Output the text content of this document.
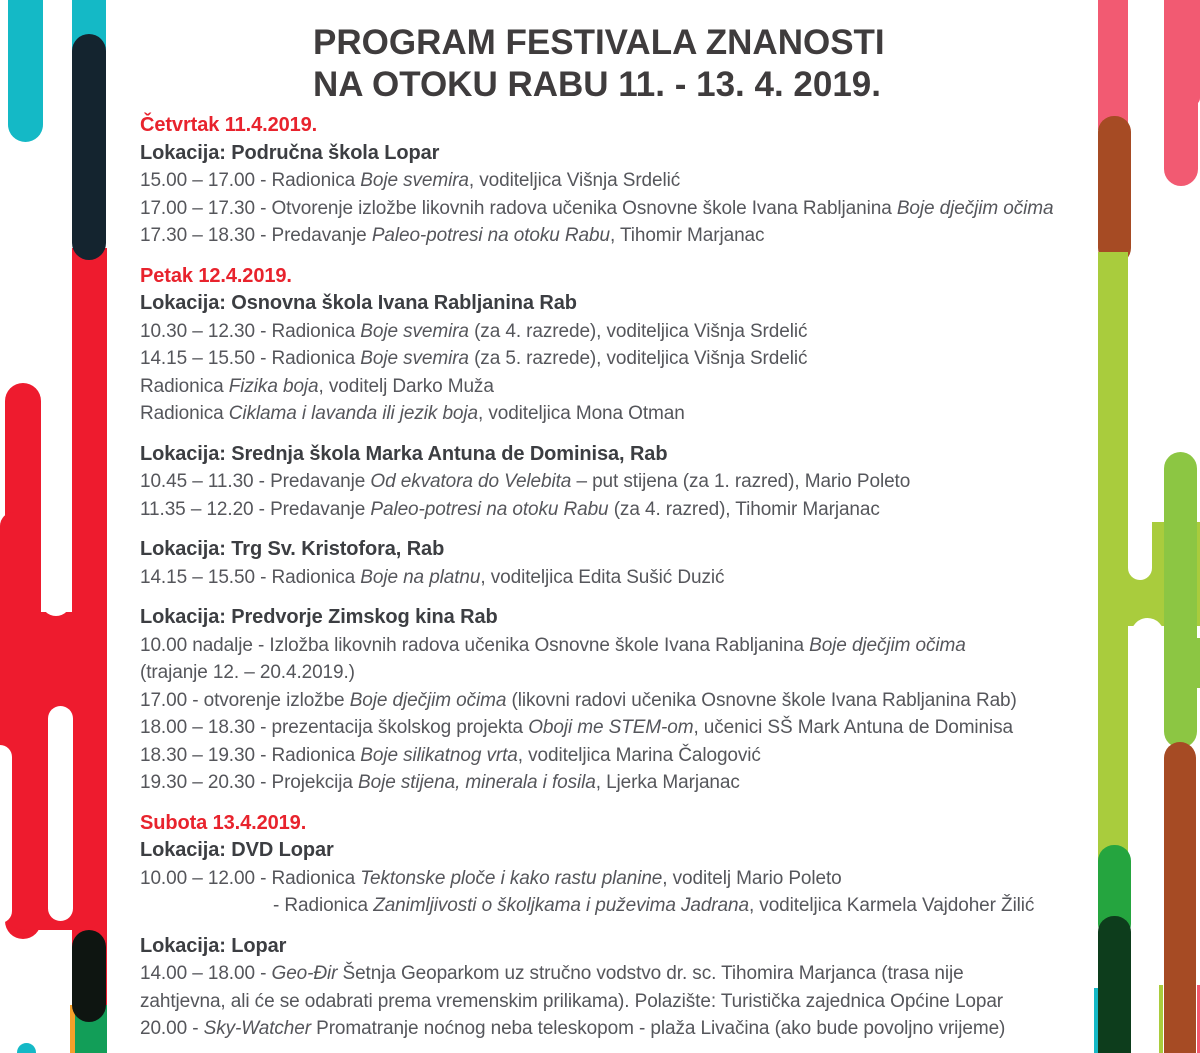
PROGRAM FESTIVALA ZNANOSTI
NA OTOKU RABU 11. - 13. 4. 2019.
Četvrtak 11.4.2019.
Lokacija: Područna škola Lopar
15.00 – 17.00 - Radionica Boje svemira, voditeljica Višnja Srdelić
17.00 – 17.30 - Otvorenje izložbe likovnih radova učenika Osnovne škole Ivana Rabljanina Boje dječjim očima
17.30 – 18.30 - Predavanje Paleo-potresi na otoku Rabu, Tihomir Marjanac
Petak 12.4.2019.
Lokacija: Osnovna škola Ivana Rabljanina Rab
10.30 – 12.30 - Radionica Boje svemira (za 4. razrede), voditeljica Višnja Srdelić
14.15 – 15.50 - Radionica Boje svemira (za 5. razrede), voditeljica Višnja Srdelić
Radionica Fizika boja, voditelj Darko Muža
Radionica Ciklama i lavanda ili jezik boja, voditeljica Mona Otman
Lokacija: Srednja škola Marka Antuna de Dominisa, Rab
10.45 – 11.30 - Predavanje Od ekvatora do Velebita – put stijena (za 1. razred), Mario Poleto
11.35 – 12.20 - Predavanje Paleo-potresi na otoku Rabu (za 4. razred), Tihomir Marjanac
Lokacija: Trg Sv. Kristofora, Rab
14.15 – 15.50 - Radionica Boje na platnu, voditeljica Edita Sušić Duzić
Lokacija: Predvorje Zimskog kina Rab
10.00 nadalje - Izložba likovnih radova učenika Osnovne škole Ivana Rabljanina Boje dječjim očima
(trajanje 12. – 20.4.2019.)
17.00 - otvorenje izložbe Boje dječjim očima (likovni radovi učenika Osnovne škole Ivana Rabljanina Rab)
18.00 – 18.30 - prezentacija školskog projekta Oboji me STEM-om, učenici SŠ Mark Antuna de Dominisa
18.30 – 19.30 - Radionica Boje silikatnog vrta, voditeljica Marina Čalogović
19.30 – 20.30 - Projekcija Boje stijena, minerala i fosila, Ljerka Marjanac
Subota 13.4.2019.
Lokacija: DVD Lopar
10.00 – 12.00 - Radionica Tektonske ploče i kako rastu planine, voditelj Mario Poleto
- Radionica Zanimljivosti o školjkama i puževima Jadrana, voditeljica Karmela Vajdoher Žilić
Lokacija: Lopar
14.00 – 18.00 - Geo-Đir Šetnja Geoparkom uz stručno vodstvo dr. sc. Tihomira Marjanca (trasa nije
zahtjevna, ali će se odabrati prema vremenskim prilikama). Polazište: Turistička zajednica Općine Lopar
20.00 - Sky-Watcher Promatranje noćnog neba teleskopom - plaža Livačina (ako bude povoljno vrijeme)
